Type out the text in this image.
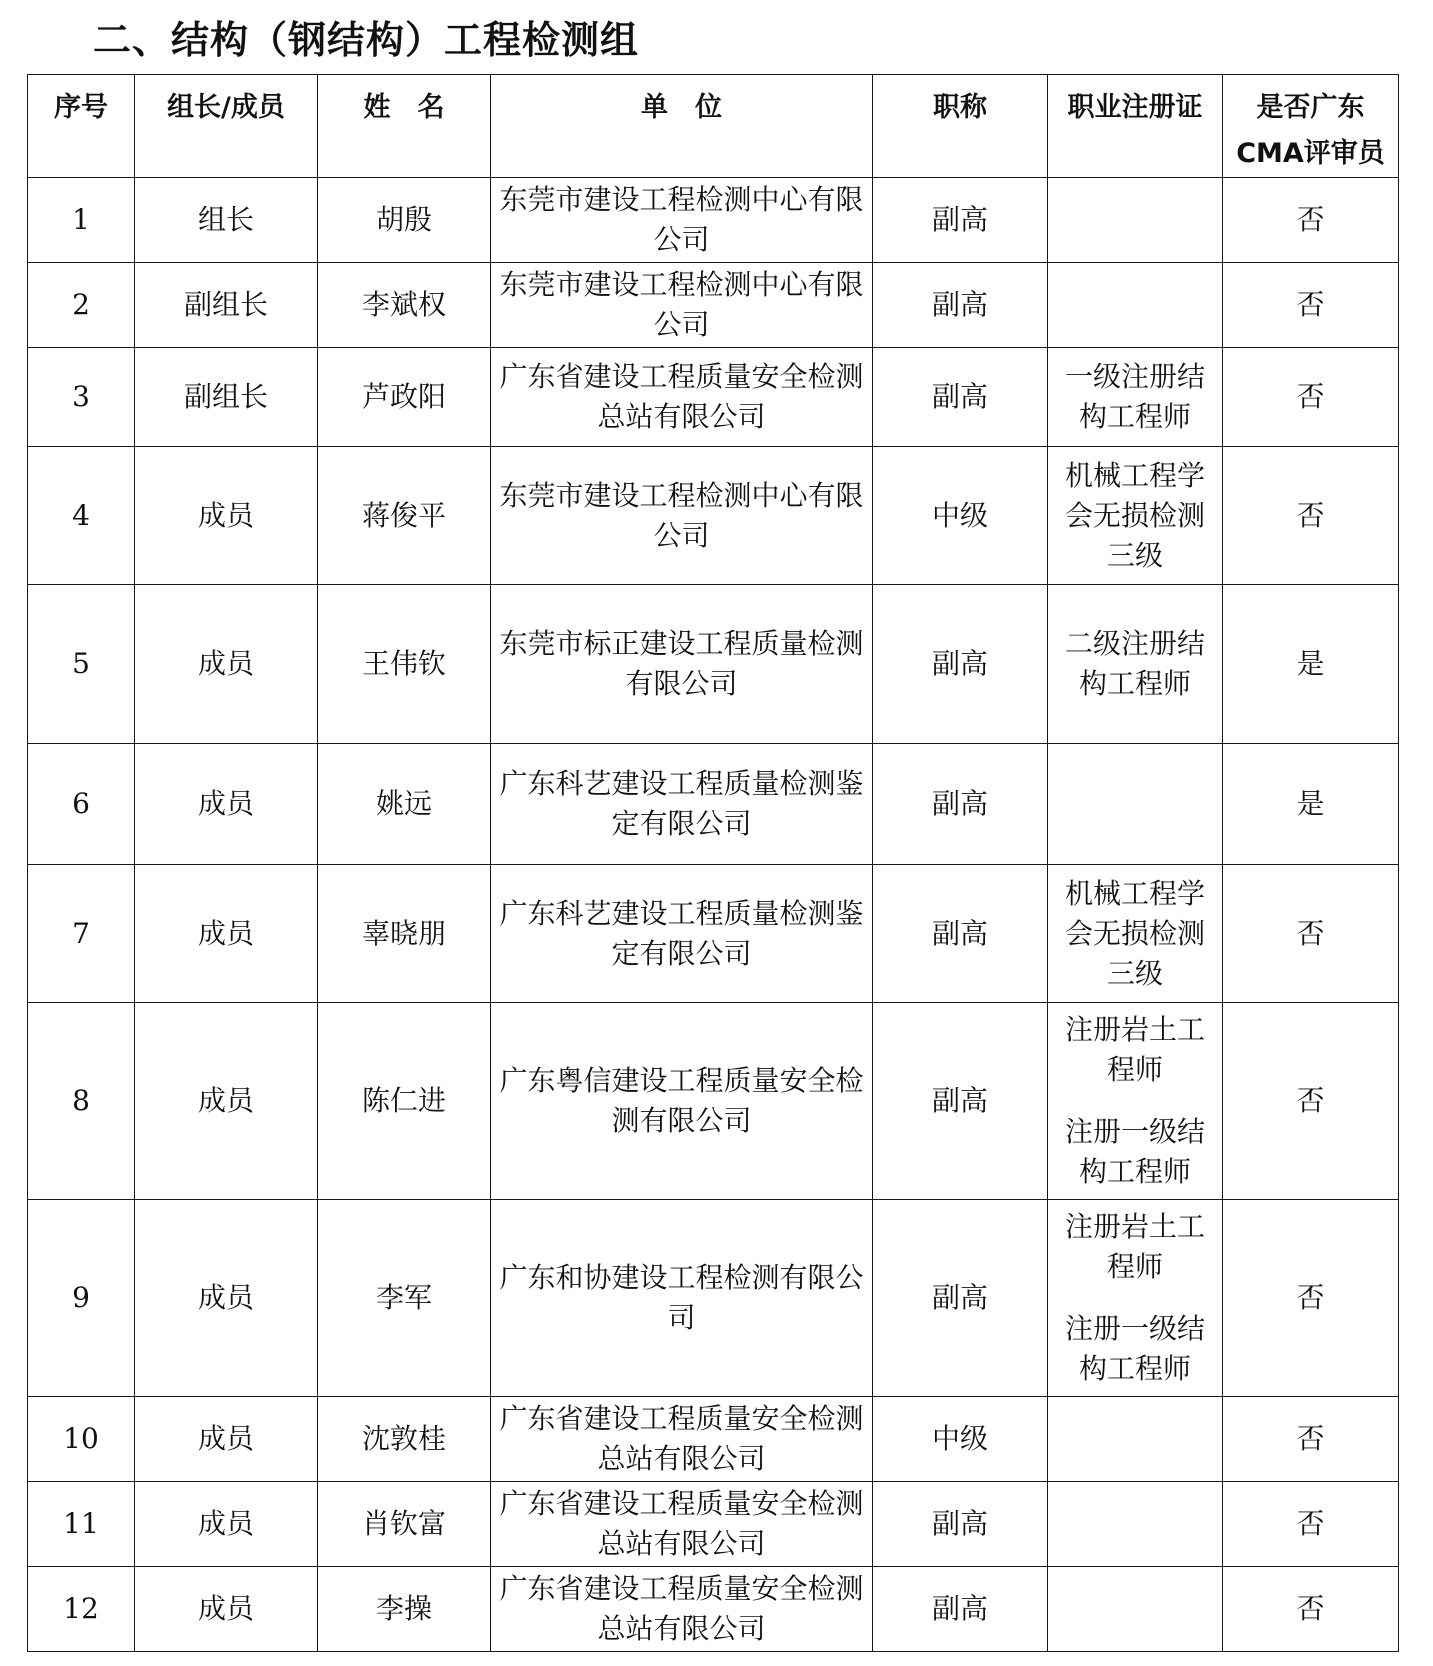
二、结构（钢结构）工程检测组
序号	组长/成员	姓　名	单　位	职称	职业注册证	是否广东
CMA评审员

1	组长	胡殷	东莞市建设工程检测中心有限公司	副高		否
2	副组长	李斌权	东莞市建设工程检测中心有限公司	副高		否
3	副组长	芦政阳	广东省建设工程质量安全检测总站有限公司	副高	一级注册结构工程师	否
4	成员	蒋俊平	东莞市建设工程检测中心有限公司	中级	机械工程学会无损检测三级	否
5	成员	王伟钦	东莞市标正建设工程质量检测有限公司	副高	二级注册结构工程师	是
6	成员	姚远	广东科艺建设工程质量检测鉴定有限公司	副高		是
7	成员	辜晓朋	广东科艺建设工程质量检测鉴定有限公司	副高	机械工程学会无损检测三级	否
8	成员	陈仁进	广东粤信建设工程质量安全检测有限公司	副高	注册岩土工程师
注册一级结构工程师	否
9	成员	李军	广东和协建设工程检测有限公司	副高	注册岩土工程师
注册一级结构工程师	否
10	成员	沈敦桂	广东省建设工程质量安全检测总站有限公司	中级		否
11	成员	肖钦富	广东省建设工程质量安全检测总站有限公司	副高		否
12	成员	李操	广东省建设工程质量安全检测总站有限公司	副高		否
